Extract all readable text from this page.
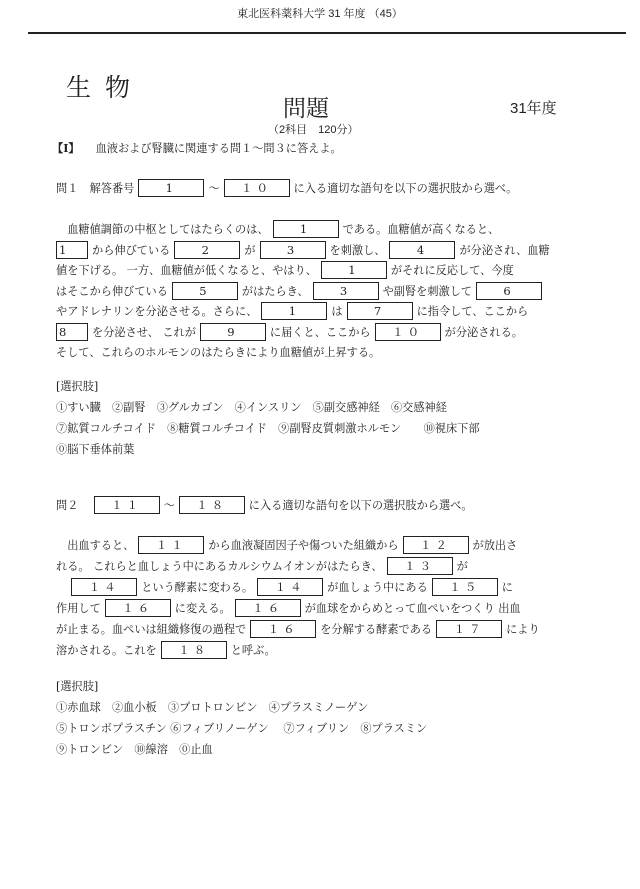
東北医科薬科大学 31 年度 （45）
生物
問題	31年度
（2科目　120分）
【I】 血液および腎臓に関連する問１～問３に答えよ。
問１　解答番号	1	～	１０	に入る適切な語句を以下の選択肢から選べ。
　血糖値調節の中枢としてはたらくのは、	1	である。血糖値が高くなると、
1	から伸びている	2	が	3	を刺激し、	4	が分泌され、血糖
値を下げる。 一方、血糖値が低くなると、やはり、	1	がそれに反応して、今度
はそこから伸びている	5	がはたらき、	3	や副腎を刺激して	6
やアドレナリンを分泌させる。さらに、	1	は	7	に指令して、ここから
8	を分泌させ、 これが	9	に届くと、ここから	１０	が分泌される。
そして、これらのホルモンのはたらきにより血糖値が上昇する。
[選択肢]
①すい臓　②副腎　③グルカゴン　④インスリン　⑤副交感神経　⑥交感神経
⑦鉱質コルチコイド　⑧糖質コルチコイド　⑨副腎皮質刺激ホルモン　　⑩視床下部
⓪脳下垂体前葉
問２　	１１	～	１８	に入る適切な語句を以下の選択肢から選べ。
　出血すると、	１１	から血液凝固因子や傷ついた組織から	１２	が放出さ
れる。 これらと血しょう中にあるカルシウムイオンがはたらき、	１３	が

１４	という酵素に変わる。	１４	が血しょう中にある	１５	に
作用して	１６	に変える。	１６	が血球をからめとって血ぺいをつくり 出血
が止まる。血ぺいは組織修復の過程で	１６	を分解する酵素である	１７	により
溶かされる。これを	１８	と呼ぶ。
[選択肢]
①赤血球　②血小板　③プロトロンビン　④プラスミノーゲン
⑤トロンボプラスチン ⑥フィブリノーゲン　 ⑦フィブリン　⑧プラスミン
⑨トロンビン　⑩線溶　⓪止血
